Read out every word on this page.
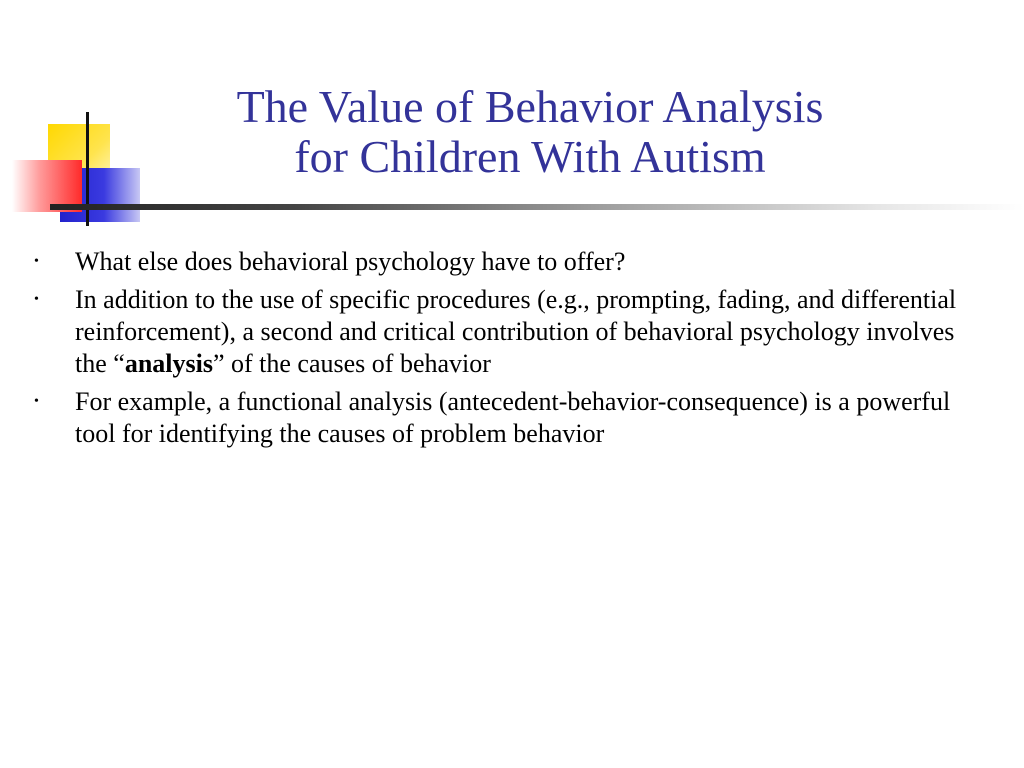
The Value of Behavior Analysis
for Children With Autism
• What else does behavioral psychology have to offer?
• In addition to the use of specific procedures (e.g., prompting, fading, and differential reinforcement), a second and critical contribution of behavioral psychology involves the “analysis” of the causes of behavior
• For example, a functional analysis (antecedent-behavior-consequence) is a powerful tool for identifying the causes of problem behavior
